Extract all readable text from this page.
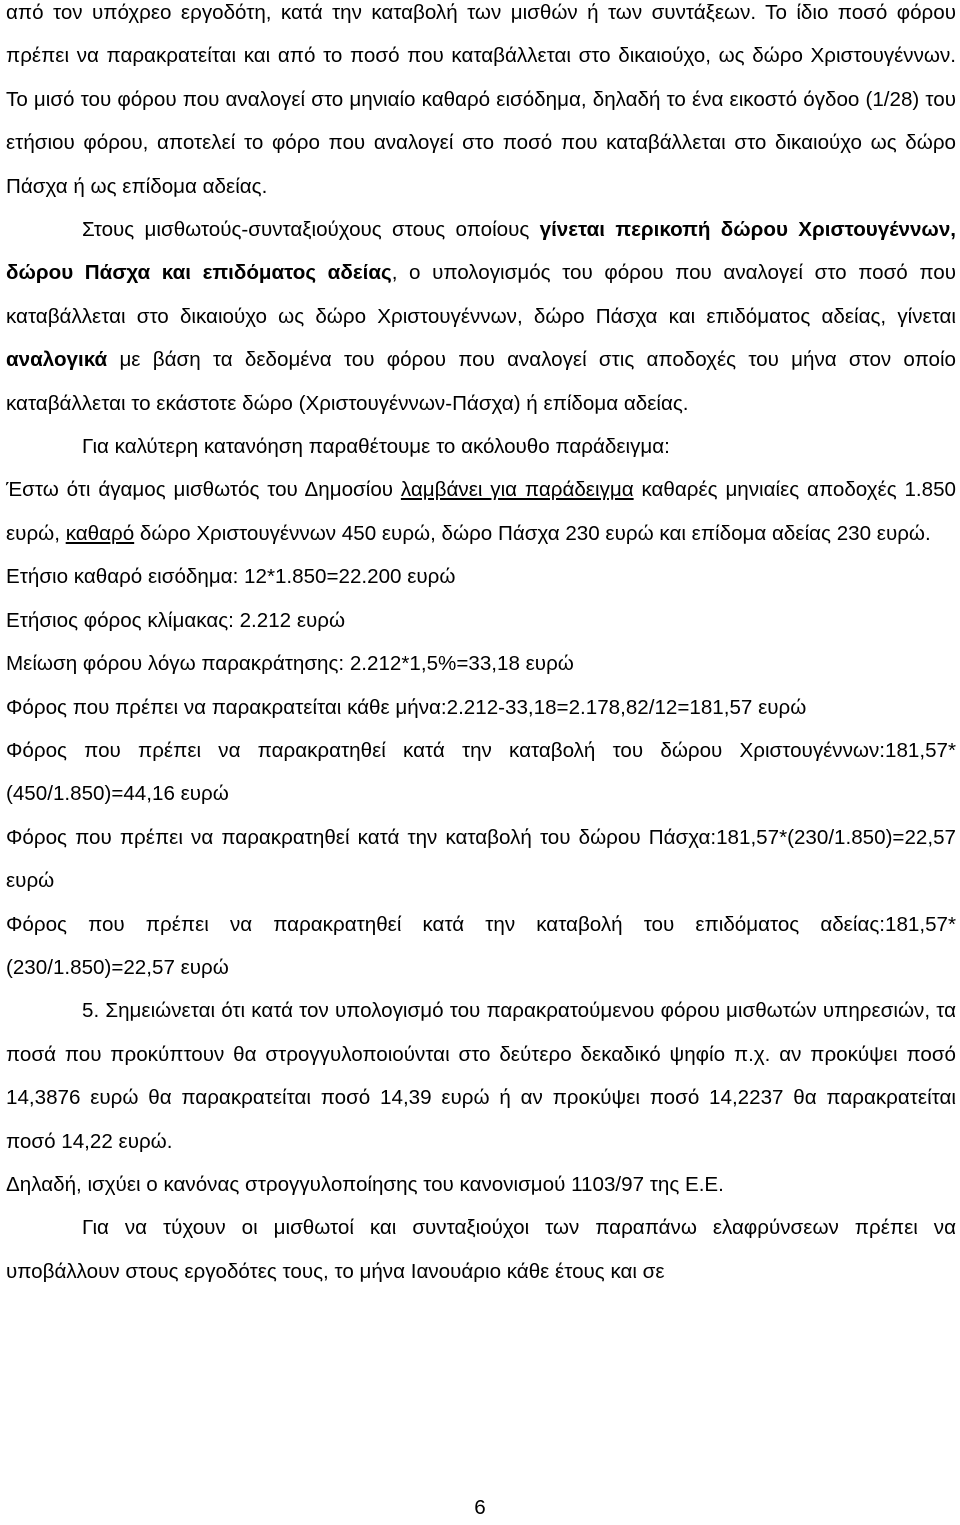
από τον υπόχρεο εργοδότη, κατά την καταβολή των μισθών ή των συντάξεων. Το ίδιο ποσό φόρου πρέπει να παρακρατείται και από το ποσό που καταβάλλεται στο δικαιούχο, ως δώρο Χριστουγέννων. Το μισό του φόρου που αναλογεί στο μηνιαίο καθαρό εισόδημα, δηλαδή το ένα εικοστό όγδοο (1/28) του ετήσιου φόρου, αποτελεί το φόρο που αναλογεί στο ποσό που καταβάλλεται στο δικαιούχο ως δώρο Πάσχα ή ως επίδομα αδείας.

Στους μισθωτούς-συνταξιούχους στους οποίους γίνεται περικοπή δώρου Χριστουγέννων, δώρου Πάσχα και επιδόματος αδείας, ο υπολογισμός του φόρου που αναλογεί στο ποσό που καταβάλλεται στο δικαιούχο ως δώρο Χριστουγέννων, δώρο Πάσχα και επιδόματος αδείας, γίνεται αναλογικά με βάση τα δεδομένα του φόρου που αναλογεί στις αποδοχές του μήνα στον οποίο καταβάλλεται το εκάστοτε δώρο (Χριστουγέννων-Πάσχα) ή επίδομα αδείας.

Για καλύτερη κατανόηση παραθέτουμε το ακόλουθο παράδειγμα:

Έστω ότι άγαμος μισθωτός του Δημοσίου λαμβάνει για παράδειγμα καθαρές μηνιαίες αποδοχές 1.850 ευρώ, καθαρό δώρο Χριστουγέννων 450 ευρώ, δώρο Πάσχα 230 ευρώ και επίδομα αδείας 230 ευρώ.

Ετήσιο καθαρό εισόδημα: 12*1.850=22.200 ευρώ

Ετήσιος φόρος κλίμακας: 2.212 ευρώ

Μείωση φόρου λόγω παρακράτησης: 2.212*1,5%=33,18 ευρώ

Φόρος που πρέπει να παρακρατείται κάθε μήνα:2.212-33,18=2.178,82/12=181,57 ευρώ

Φόρος που πρέπει να παρακρατηθεί κατά την καταβολή του δώρου Χριστουγέννων:181,57*(450/1.850)=44,16 ευρώ

Φόρος που πρέπει να παρακρατηθεί κατά την καταβολή του δώρου Πάσχα:181,57*(230/1.850)=22,57 ευρώ

Φόρος που πρέπει να παρακρατηθεί κατά την καταβολή του επιδόματος αδείας:181,57*(230/1.850)=22,57 ευρώ

5. Σημειώνεται ότι κατά τον υπολογισμό του παρακρατούμενου φόρου μισθωτών υπηρεσιών, τα ποσά που προκύπτουν θα στρογγυλοποιούνται στο δεύτερο δεκαδικό ψηφίο π.χ. αν προκύψει ποσό 14,3876 ευρώ θα παρακρατείται ποσό 14,39 ευρώ ή αν προκύψει ποσό 14,2237 θα παρακρατείται ποσό 14,22 ευρώ.

Δηλαδή, ισχύει ο κανόνας στρογγυλοποίησης του κανονισμού 1103/97 της Ε.Ε.

Για να τύχουν οι μισθωτοί και συνταξιούχοι των παραπάνω ελαφρύνσεων πρέπει να υποβάλλουν στους εργοδότες τους, το μήνα Ιανουάριο κάθε έτους και σε

6
